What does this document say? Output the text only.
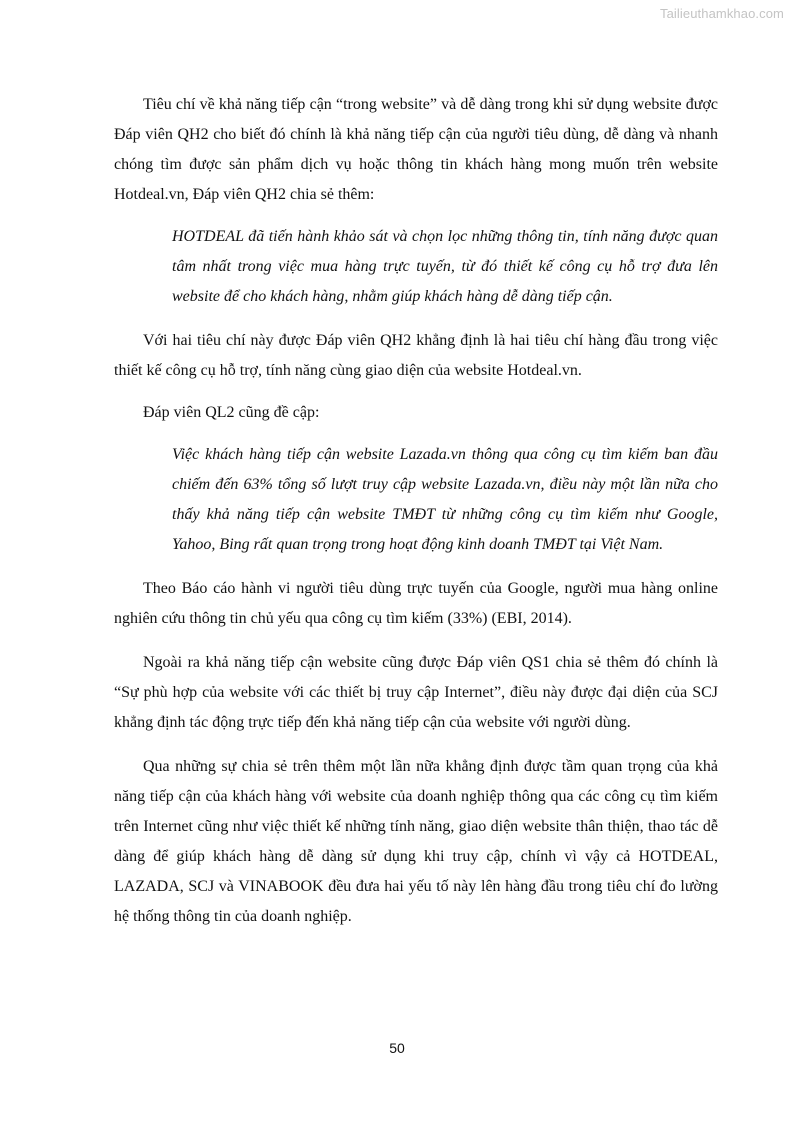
Tailieuthamkhao.com

Tiêu chí về khả năng tiếp cận “trong website” và dễ dàng trong khi sử dụng website được Đáp viên QH2 cho biết đó chính là khả năng tiếp cận của người tiêu dùng, dễ dàng và nhanh chóng tìm được sản phẩm dịch vụ hoặc thông tin khách hàng mong muốn trên website Hotdeal.vn, Đáp viên QH2 chia sẻ thêm:

HOTDEAL đã tiến hành khảo sát và chọn lọc những thông tin, tính năng được quan tâm nhất trong việc mua hàng trực tuyến, từ đó thiết kế công cụ hỗ trợ đưa lên website để cho khách hàng, nhằm giúp khách hàng dễ dàng tiếp cận.

Với hai tiêu chí này được Đáp viên QH2 khẳng định là hai tiêu chí hàng đầu trong việc thiết kế công cụ hỗ trợ, tính năng cùng giao diện của website Hotdeal.vn.

Đáp viên QL2 cũng đề cập:

Việc khách hàng tiếp cận website Lazada.vn thông qua công cụ tìm kiếm ban đầu chiếm đến 63% tổng số lượt truy cập website Lazada.vn, điều này một lần nữa cho thấy khả năng tiếp cận website TMĐT từ những công cụ tìm kiếm như Google, Yahoo, Bing rất quan trọng trong hoạt động kinh doanh TMĐT tại Việt Nam.

Theo Báo cáo hành vi người tiêu dùng trực tuyến của Google, người mua hàng online nghiên cứu thông tin chủ yếu qua công cụ tìm kiếm (33%) (EBI, 2014).

Ngoài ra khả năng tiếp cận website cũng được Đáp viên QS1 chia sẻ thêm đó chính là “Sự phù hợp của website với các thiết bị truy cập Internet”, điều này được đại diện của SCJ khẳng định tác động trực tiếp đến khả năng tiếp cận của website với người dùng.

Qua những sự chia sẻ trên thêm một lần nữa khẳng định được tầm quan trọng của khả năng tiếp cận của khách hàng với website của doanh nghiệp thông qua các công cụ tìm kiếm trên Internet cũng như việc thiết kế những tính năng, giao diện website thân thiện, thao tác dễ dàng để giúp khách hàng dễ dàng sử dụng khi truy cập, chính vì vậy cả HOTDEAL, LAZADA, SCJ và VINABOOK đều đưa hai yếu tố này lên hàng đầu trong tiêu chí đo lường hệ thống thông tin của doanh nghiệp.

50
